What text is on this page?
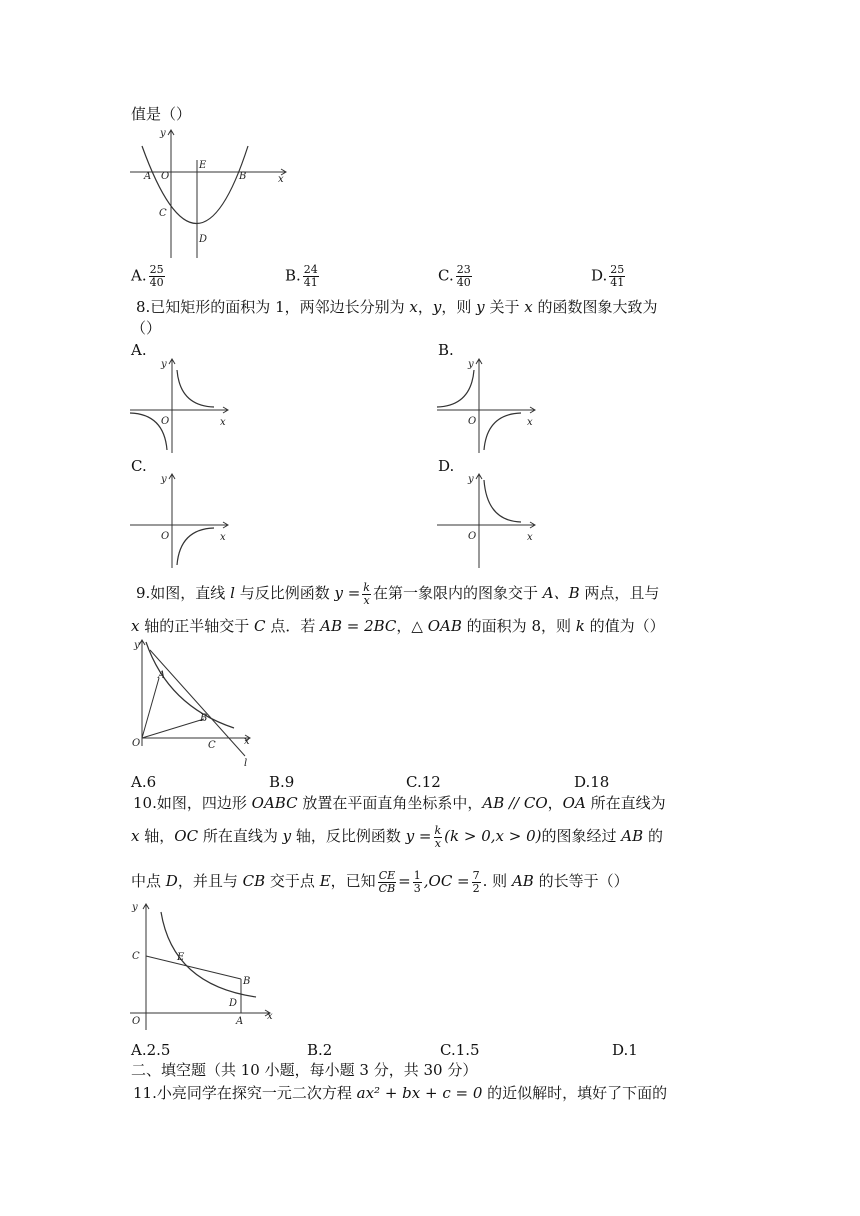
值是（）
y
x
A O
E
B
C
D
A. $\frac{25}{40}$	B. $\frac{24}{41}$	C. $\frac{23}{40}$	D. $\frac{25}{41}$
8.已知矩形的面积为 1，两邻边长分别为 x，y，则 y 关于 x 的函数图象大致为
（）
A.	B.
C.	D.
y
x
O
y
x
O
y
x
O
y
x
O
9.如图，直线 l 与反比例函数 $y = \frac{k}{x}$ 在第一象限内的图象交于 A、B 两点，且与
x 轴的正半轴交于 C 点．若 AB = 2BC，△ OAB 的面积为 8，则 k 的值为（）
y
x
O
A
B
C
l
A.6	B.9	C.12	D.18
10.如图，四边形 OABC 放置在平面直角坐标系中，AB // CO，OA 所在直线为
x 轴，OC 所在直线为 y 轴，反比例函数 $y = \frac{k}{x} (k > 0,x > 0)$的图象经过 AB 的
中点 D，并且与 CB 交于点 E，已知 $\frac{CE}{CB} = \frac{1}{3} ,OC = \frac{7}{2}$ . 则 AB 的长等于（）
y
x
O
C	E
B
D
A
A.2.5	B.2	C.1.5	D.1
二、填空题（共 10 小题，每小题 3 分，共 30 分）
11.小亮同学在探究一元二次方程 ax² + bx + c = 0 的近似解时，填好了下面的
